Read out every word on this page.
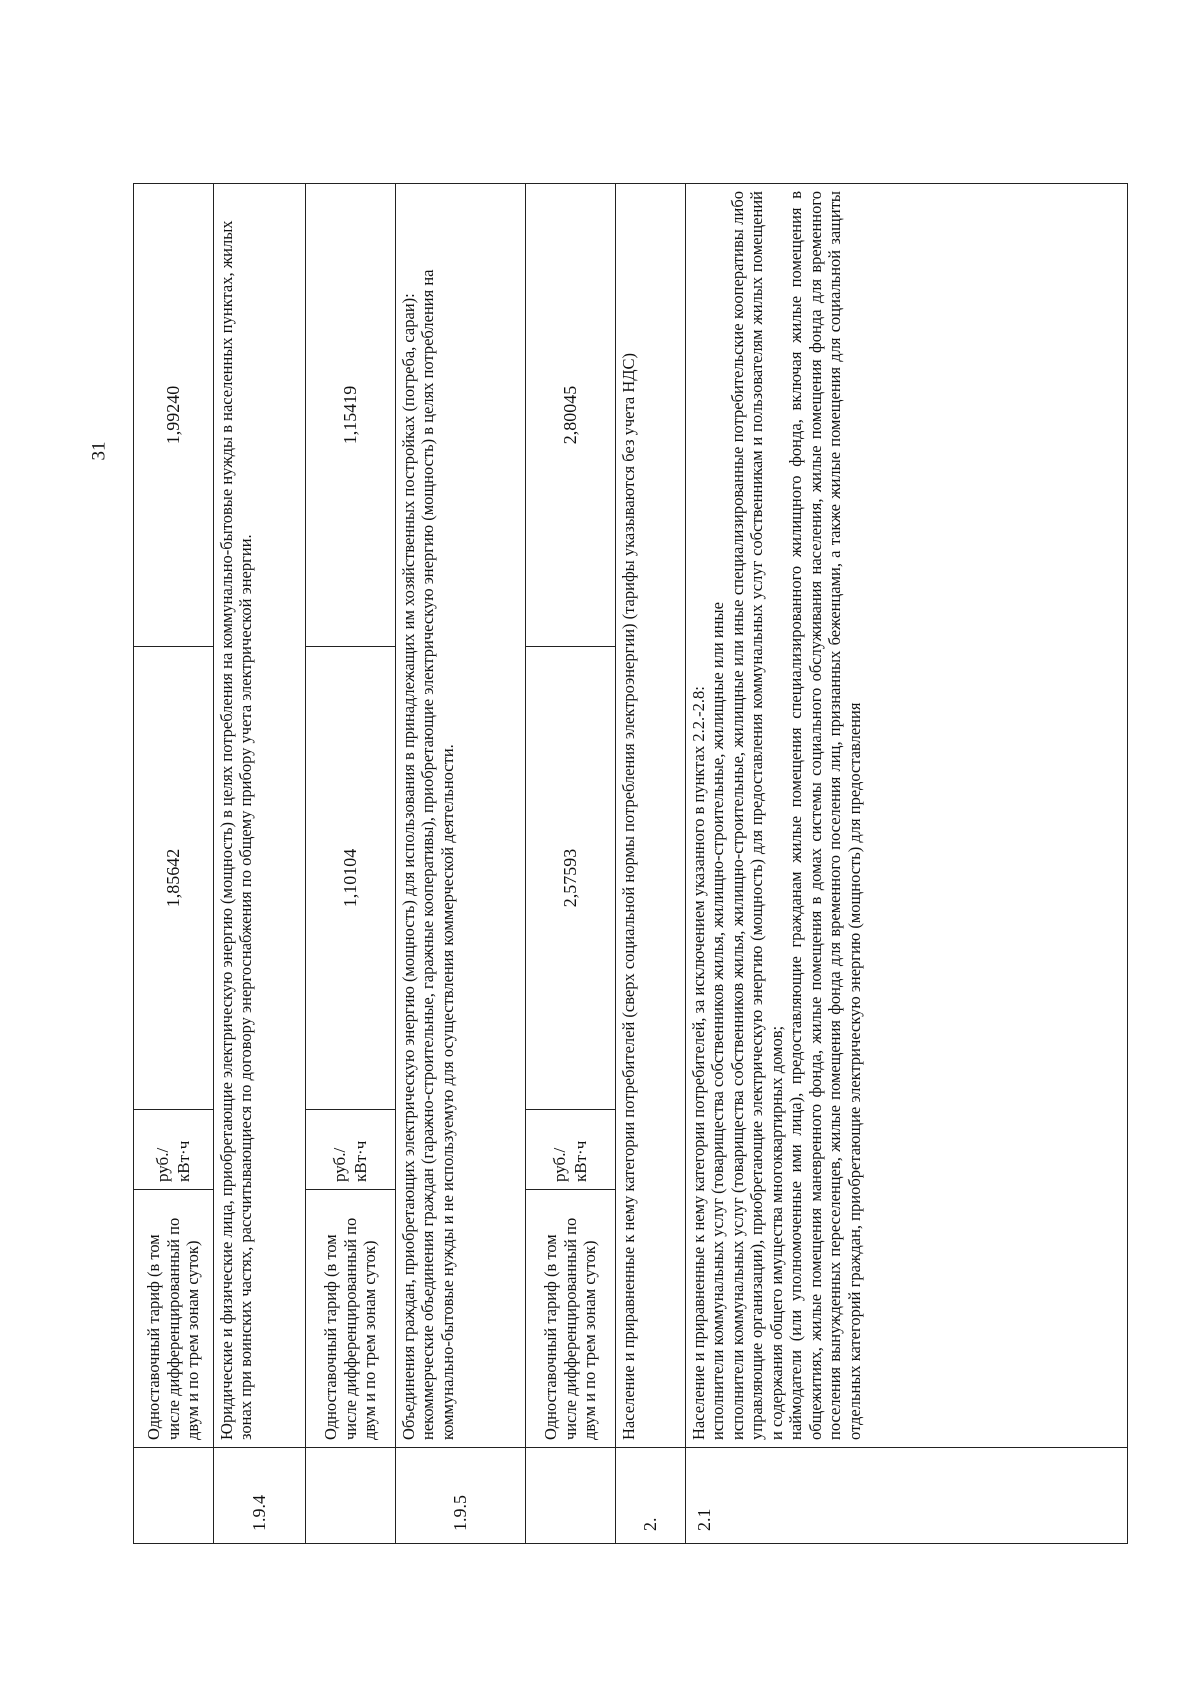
31
	Одноставочный тариф (в том числе дифференцированный по двум и по трем зонам суток)	руб./кВт·ч	1,85642	1,99240
1.9.4	Юридические и физические лица, приобретающие электрическую энергию (мощность) в целях потребления на коммунально-бытовые нужды в населенных пунктах, жилых зонах при воинских частях, рассчитывающиеся по договору энергоснабжения по общему прибору учета электрической энергии.			
	Одноставочный тариф (в том числе дифференцированный по двум и по трем зонам суток)	руб./кВт·ч	1,10104	1,15419
1.9.5	Объединения граждан, приобретающих электрическую энергию (мощность) для использования в принадлежащих им хозяйственных постройках (погреба, сараи): некоммерческие объединения граждан (гаражно-строительные, гаражные кооперативы), приобретающие электрическую энергию (мощность) в целях потребления на коммунально-бытовые нужды и не используемую для осуществления коммерческой деятельности.			
	Одноставочный тариф (в том числе дифференцированный по двум и по трем зонам суток)	руб./кВт·ч	2,57593	2,80045
2.	Население и приравненные к нему категории потребителей (сверх социальной нормы потребления электроэнергии) (тарифы указываются без учета НДС)			
2.1	Население и приравненные к нему категории потребителей, за исключением указанного в пунктах 2.2.-2.8: исполнители коммунальных услуг (товарищества собственников жилья, жилищно-строительные, жилищные или иные исполнители коммунальных услуг (товарищества собственников жилья, жилищно-строительные, жилищные или иные специализированные потребительские кооперативы либо управляющие организации), приобретающие электрическую энергию (мощность) для предоставления коммунальных услуг собственникам и пользователям жилых помещений и содержания общего имущества многоквартирных домов; наймодатели (или уполномоченные ими лица), предоставляющие гражданам жилые помещения специализированного жилищного фонда, включая жилые помещения в общежитиях, жилые помещения маневренного фонда, жилые помещения в домах системы социального обслуживания населения, жилые помещения фонда для временного поселения вынужденных переселенцев, жилые помещения фонда для временного поселения лиц, признанных беженцами, а также жилые помещения для социальной защиты отдельных категорий граждан, приобретающие электрическую энергию (мощность) для предоставления			
